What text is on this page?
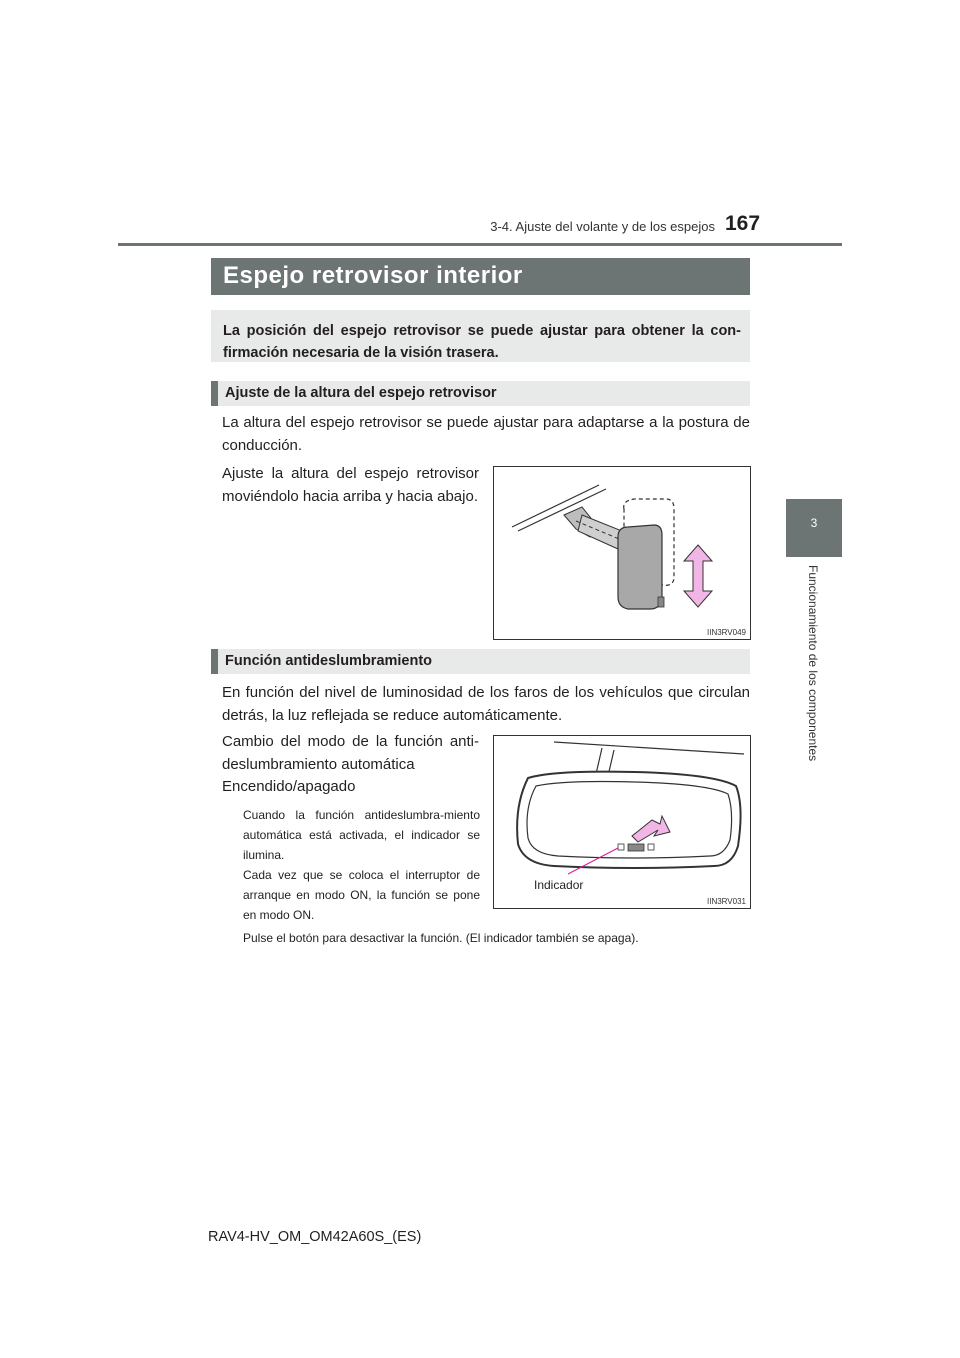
3-4. Ajuste del volante y de los espejos 167
3
Funcionamiento de los componentes
Espejo retrovisor interior

La posición del espejo retrovisor se puede ajustar para obtener la con-firmación necesaria de la visión trasera.

Ajuste de la altura del espejo retrovisor

La altura del espejo retrovisor se puede ajustar para adaptarse a la postura de conducción.

Ajuste la altura del espejo retrovisor moviéndolo hacia arriba y hacia abajo.

IIN3RV049
Función antideslumbramiento

En función del nivel de luminosidad de los faros de los vehículos que circulan detrás, la luz reflejada se reduce automáticamente.

Cambio del modo de la función anti-deslumbramiento automática

Encendido/apagado

Cuando la función antideslumbra-miento automática está activada, el indicador se ilumina.

Cada vez que se coloca el interruptor de arranque en modo ON, la función se pone en modo ON.

Pulse el botón para desactivar la función. (El indicador también se apaga).

Indicador
IIN3RV031
RAV4-HV_OM_OM42A60S_(ES)
